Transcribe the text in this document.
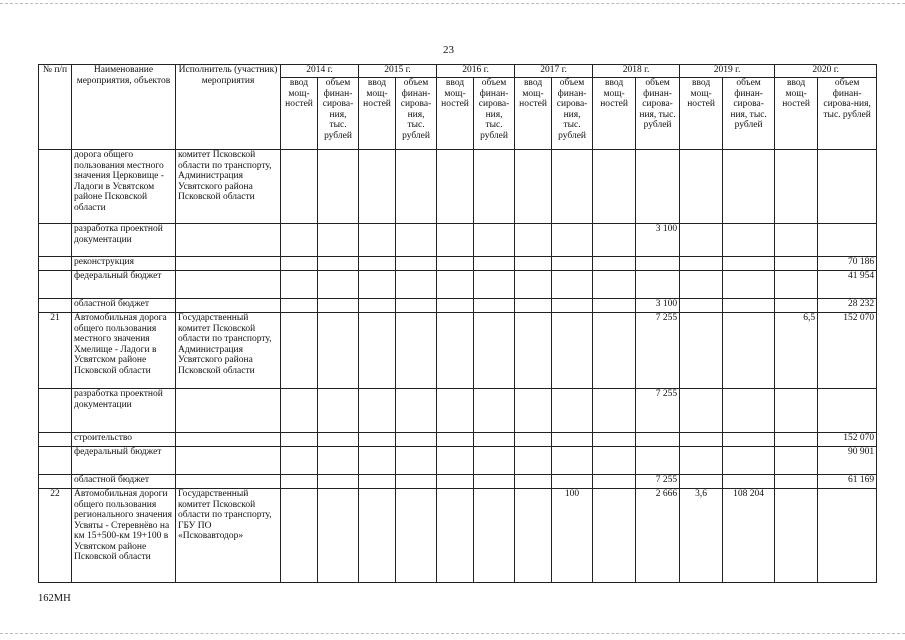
23
№ п/п	Наименование мероприятия, объектов	Исполнитель (участник) мероприятия	2014 г.		2015 г.		2016 г.		2017 г.		2018 г.		2019 г.		2020 г.	
			ввод мощ-ностей	объем финан-сирова-ния, тыс. рублей	ввод мощ-ностей	объем финан-сирова-ния, тыс. рублей	ввод мощ-ностей	объем финан-сирова-ния, тыс. рублей	ввод мощ-ностей	объем финан-сирова-ния, тыс. рублей	ввод мощ-ностей	объем финан-сирова-ния, тыс. рублей	ввод мощ-ностей	объем финан-сирова-ния, тыс. рублей	ввод мощ-ностей	объем финан-сирова-ния, тыс. рублей
	дорога общего пользования местного значения Церковище - Ладоги в Усвятском районе Псковской области	комитет Псковской области по транспорту, Администрация Усвятского района Псковской области														
	разработка проектной документации											3 100				
	реконструкция															70 186
	федеральный бюджет															41 954
	областной бюджет											3 100				28 232
21	Автомобильная дорога общего пользования местного значения Хмелище - Ладоги в Усвятском районе Псковской области	Государственный комитет Псковской области по транспорту, Администрация Усвятского района Псковской области										7 255			6,5	152 070
	разработка проектной документации											7 255				
	строительство															152 070
	федеральный бюджет															90 901
	областной бюджет											7 255				61 169
22	Автомобильная дороги общего пользования регионального значения Усвяты - Стеревнёво на км 15+500-км 19+100 в Усвятском районе Псковской области	Государственный комитет Псковской области по транспорту, ГБУ ПО «Псковавтодор»								100		2 666	3,6	108 204		
162МН
